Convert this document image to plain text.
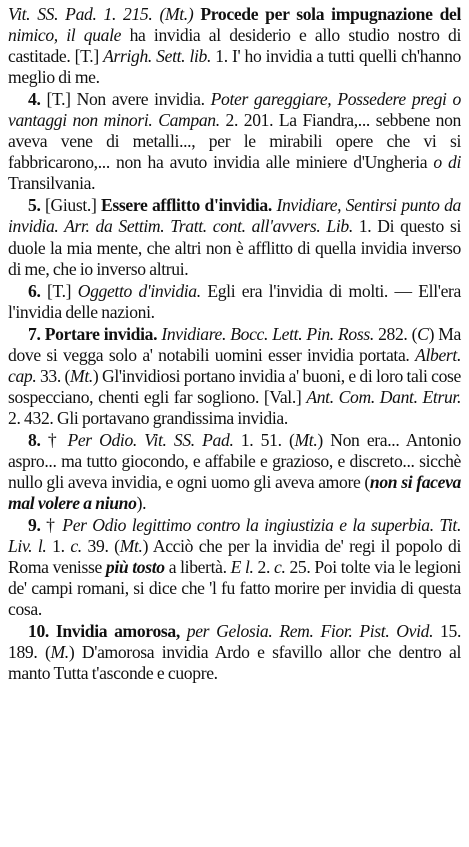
Vit. SS. Pad. 1. 215. (Mt.) Procede per sola impugnazione del nimico, il quale ha invidia al desiderio e allo studio nostro di castitade. [T.] Arrigh. Sett. lib. 1. I' ho invidia a tutti quelli ch'hanno meglio di me.

4. [T.] Non avere invidia. Poter gareggiare, Possedere pregi o vantaggi non minori. Campan. 2. 201. La Fiandra,... sebbene non aveva vene di metalli..., per le mirabili opere che vi si fabbricarono,... non ha avuto invidia alle miniere d'Ungheria o di Transilvania.

5. [Giust.] Essere afflitto d'invidia. Invidiare, Sentirsi punto da invidia. Arr. da Settim. Tratt. cont. all'avvers. Lib. 1. Di questo si duole la mia mente, che altri non è afflitto di quella invidia inverso di me, che io inverso altrui.

6. [T.] Oggetto d'invidia. Egli era l'invidia di molti. — Ell'era l'invidia delle nazioni.

7. Portare invidia. Invidiare. Bocc. Lett. Pin. Ross. 282. (C) Ma dove si vegga solo a' notabili uomini esser invidia portata. Albert. cap. 33. (Mt.) Gl'invidiosi portano invidia a' buoni, e di loro tali cose sospecciano, chenti egli far sogliono. [Val.] Ant. Com. Dant. Etrur. 2. 432. Gli portavano grandissima invidia.

8. † Per Odio. Vit. SS. Pad. 1. 51. (Mt.) Non era... Antonio aspro... ma tutto giocondo, e affabile e grazioso, e discreto... sicchè nullo gli aveva invidia, e ogni uomo gli aveva amore (non si faceva mal volere a niuno).

9. † Per Odio legittimo contro la ingiustizia e la superbia. Tit. Liv. l. 1. c. 39. (Mt.) Acciò che per la invidia de' regi il popolo di Roma venisse più tosto a libertà. E l. 2. c. 25. Poi tolte via le legioni de' campi romani, si dice che 'l fu fatto morire per invidia di questa cosa.

10. Invidia amorosa, per Gelosia. Rem. Fior. Pist. Ovid. 15. 189. (M.) D'amorosa invidia Ardo e sfavillo allor che dentro al manto Tutta t'asconde e cuopre.
